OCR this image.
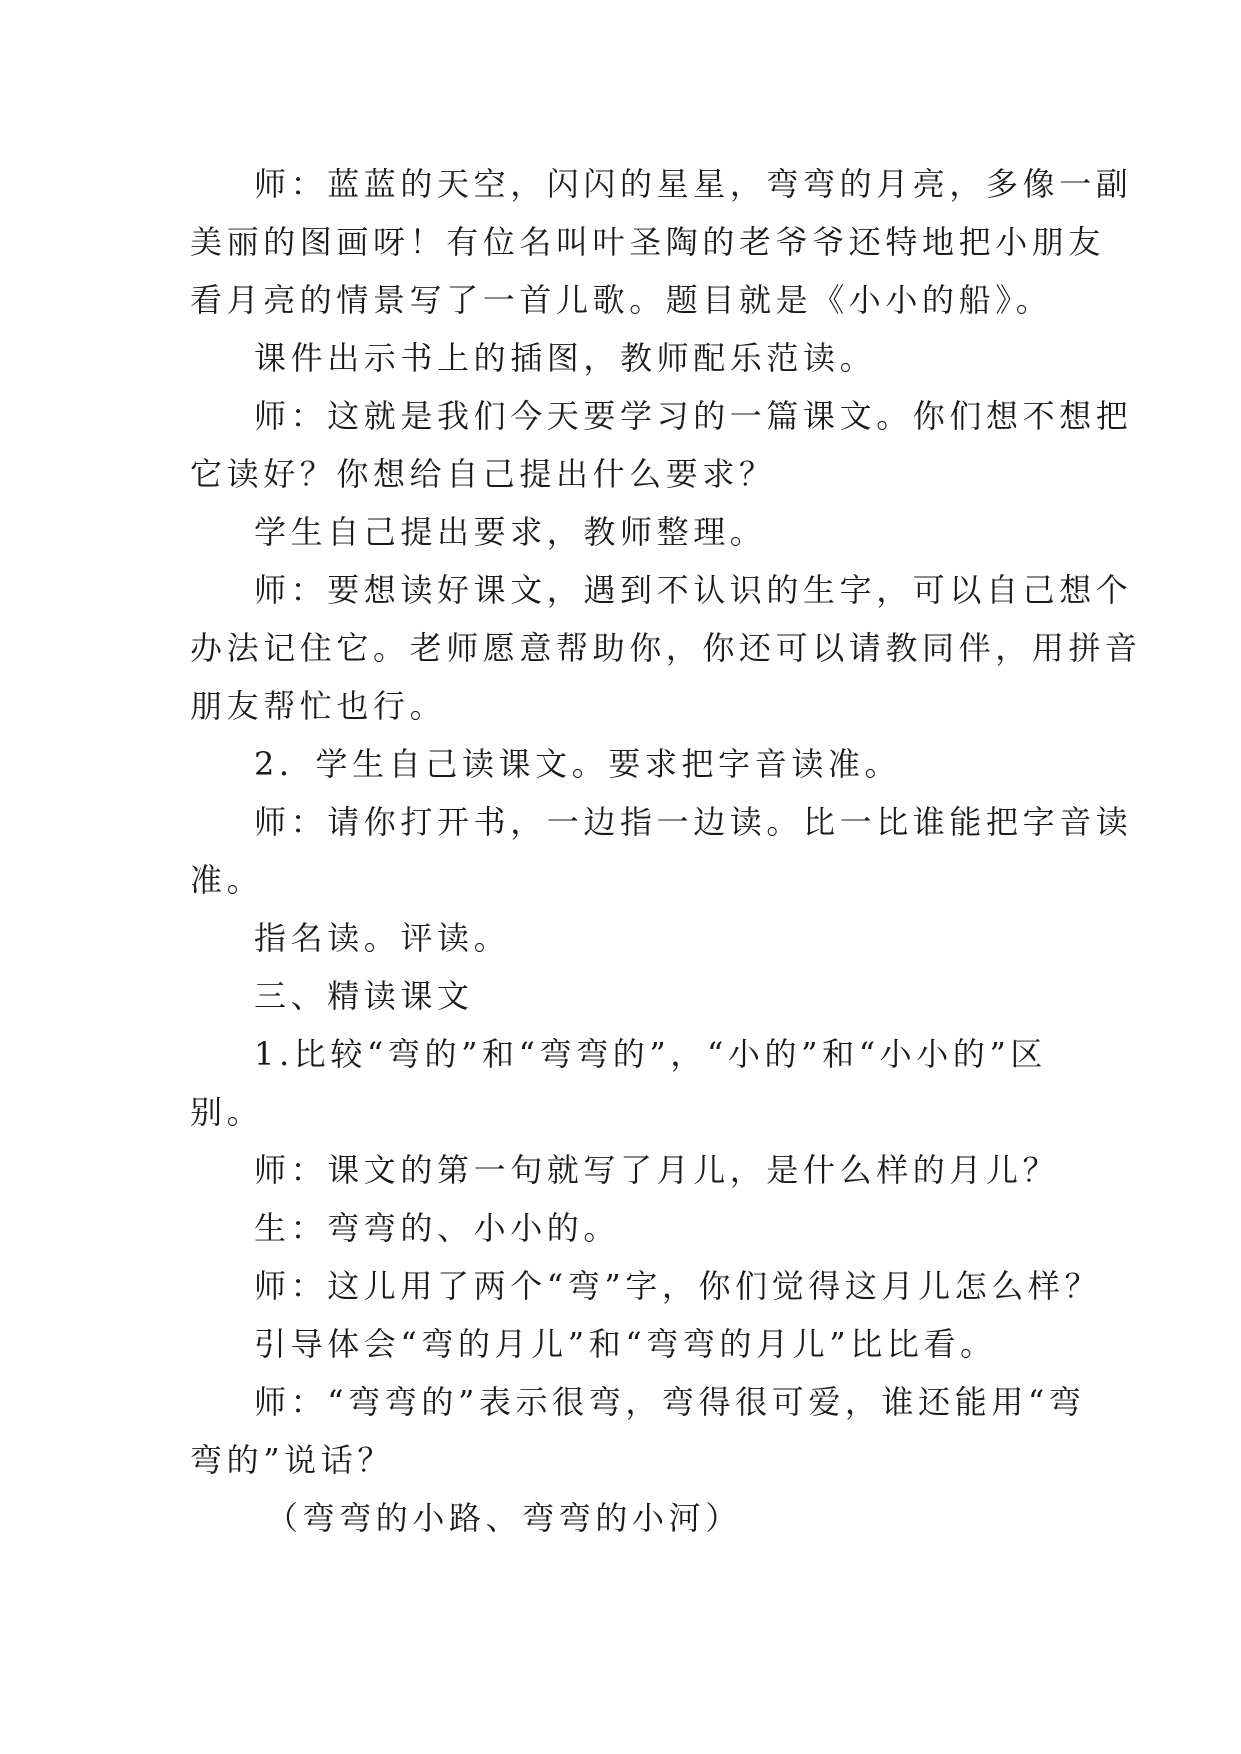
师：蓝蓝的天空，闪闪的星星，弯弯的月亮，多像一副
美丽的图画呀！有位名叫叶圣陶的老爷爷还特地把小朋友
看月亮的情景写了一首儿歌。题目就是《小小的船》。
课件出示书上的插图，教师配乐范读。
师：这就是我们今天要学习的一篇课文。你们想不想把
它读好？你想给自己提出什么要求？
学生自己提出要求，教师整理。
师：要想读好课文，遇到不认识的生字，可以自己想个
办法记住它。老师愿意帮助你，你还可以请教同伴，用拼音
朋友帮忙也行。
2．学生自己读课文。要求把字音读准。
师：请你打开书，一边指一边读。比一比谁能把字音读
准。
指名读。评读。
三、精读课文
1.比较“弯的”和“弯弯的”，“小的”和“小小的”区
别。
师：课文的第一句就写了月儿，是什么样的月儿？
生：弯弯的、小小的。
师：这儿用了两个“弯”字，你们觉得这月儿怎么样？
引导体会“弯的月儿”和“弯弯的月儿”比比看。
师：“弯弯的”表示很弯，弯得很可爱，谁还能用“弯
弯的”说话？
（弯弯的小路、弯弯的小河）
